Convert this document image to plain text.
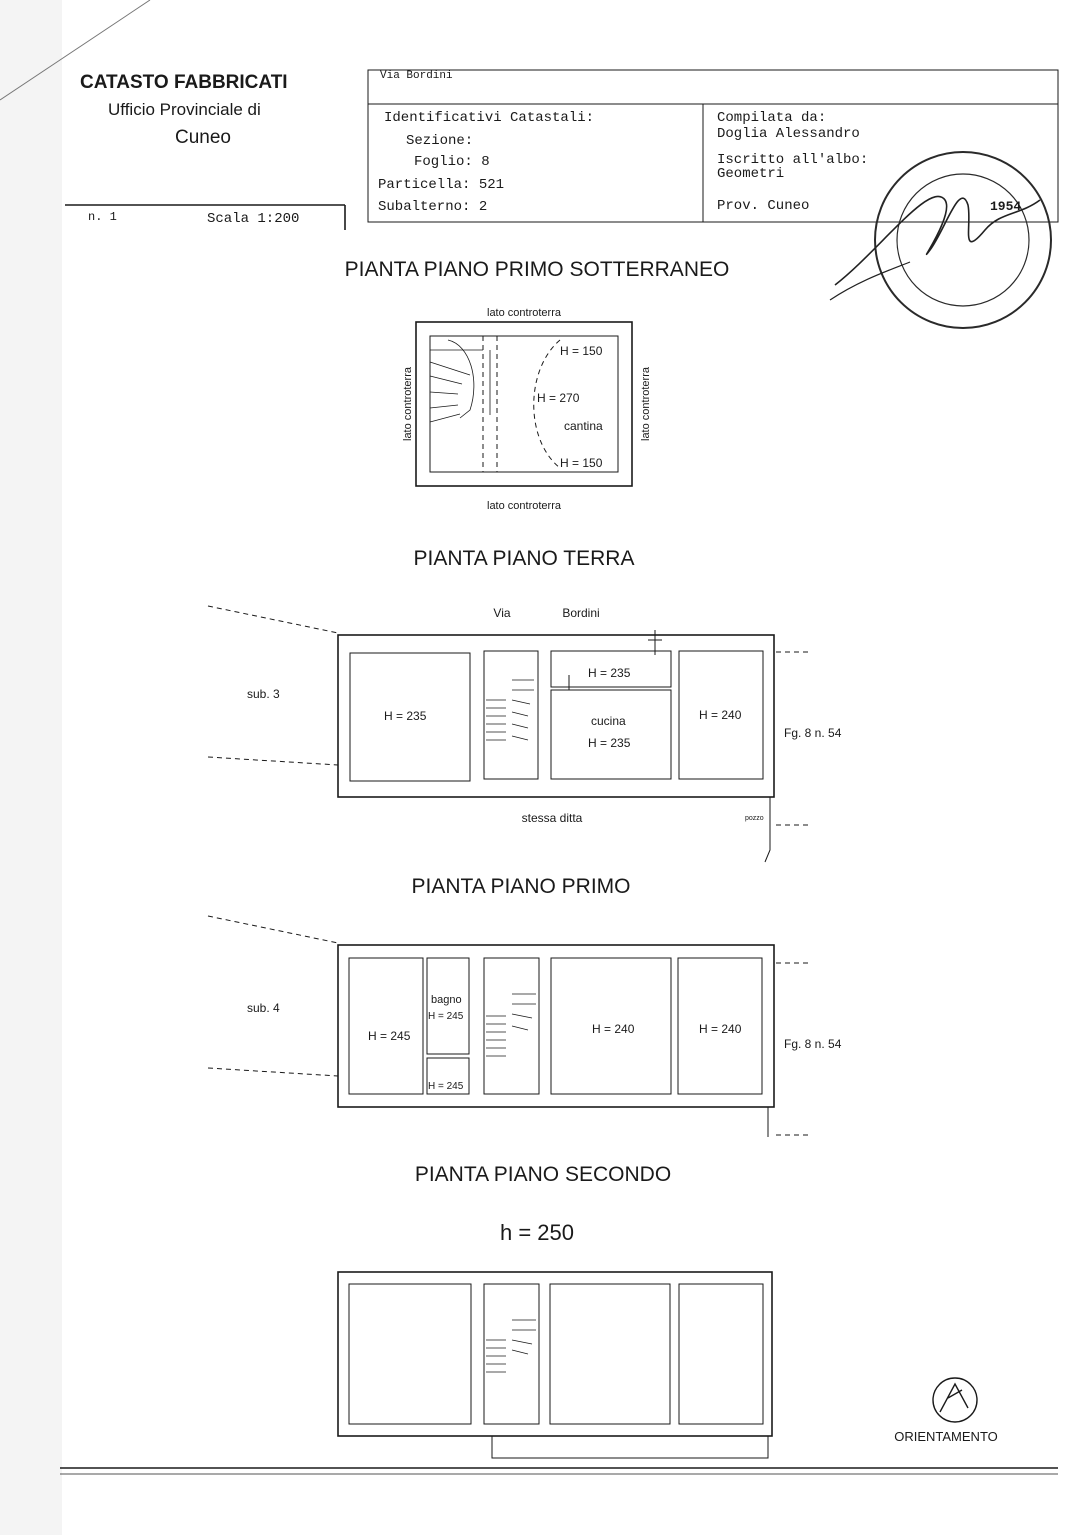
CATASTO FABBRICATI
Ufficio Provinciale di
Cuneo
n. 1	Scala 1:200
Via Bordini
Identificativi Catastali:
Sezione:
Foglio: 8
Particella: 521
Subalterno: 2
Compilata da:
Doglia Alessandro
Iscritto all'albo:
Geometri
Prov. Cuneo	1954
PIANTA PIANO PRIMO SOTTERRANEO
lato controterra
lato controterra
lato controterra	lato controterra
H = 150
H = 270
cantina
H = 150
PIANTA PIANO TERRA
Via	Bordini
sub. 3
Fg. 8 n. 54
stessa ditta	pozzo
H = 235
H = 235
cucina
H = 235
H = 240
PIANTA PIANO PRIMO
sub. 4
Fg. 8 n. 54
H = 245
bagno
H = 245
H = 245
H = 240	H = 240
PIANTA PIANO SECONDO
h = 250
ORIENTAMENTO
